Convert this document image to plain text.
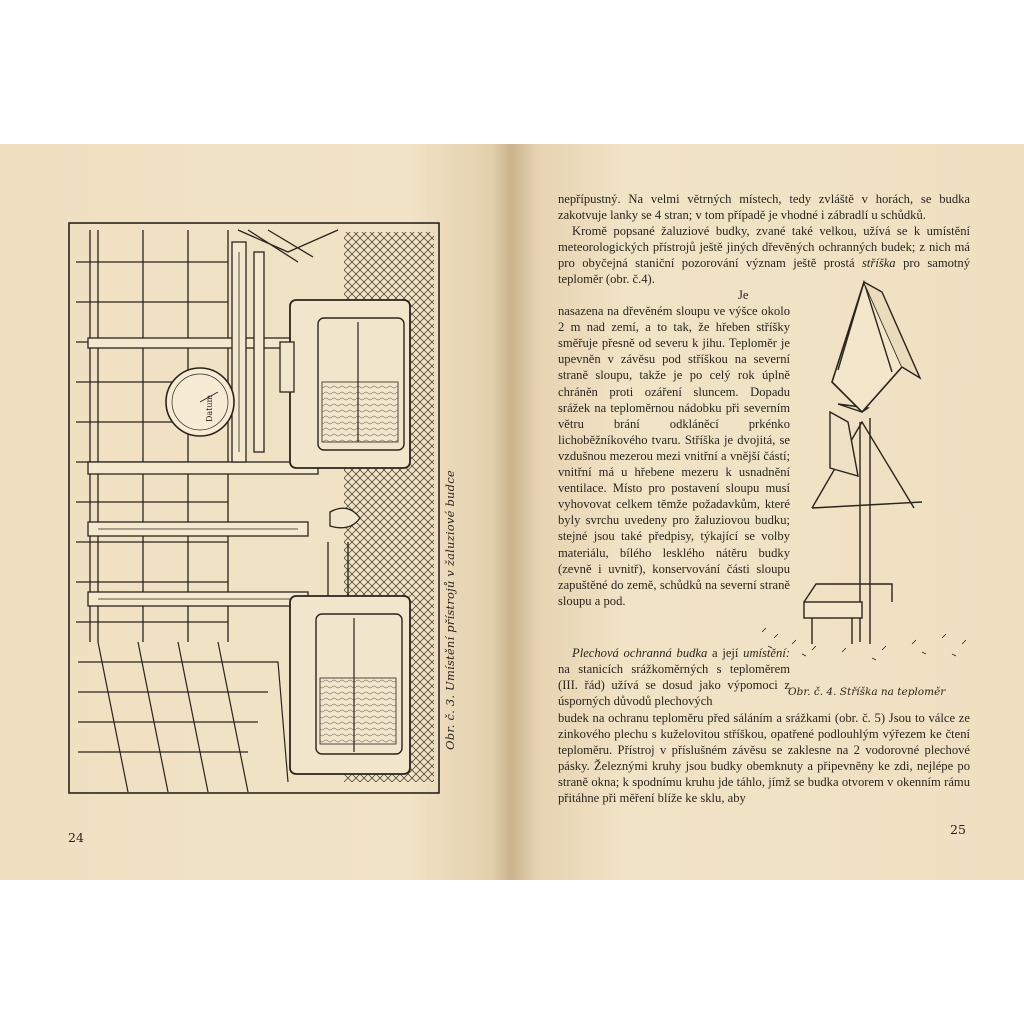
Datum
Obr. č. 3. Umístění přístrojů v žaluziové budce
24

nepřípustný. Na velmi větrných místech, tedy zvláště v horách, se budka zakotvuje lanky se 4 stran; v tom případě je vhodné i zábradlí u schůdků.

Kromě popsané žaluziové budky, zvané také velkou, užívá se k umístění meteorologických přístrojů ještě jiných dřevěných ochranných budek; z nich má pro obyčejná staniční pozorování význam ještě prostá stříška pro samotný teploměr (obr. č.4).

Je nasazena na dřevěném sloupu ve výšce okolo 2 m nad zemí, a to tak, že hřeben stříšky směřuje přesně od severu k jihu. Teploměr je upevněn v závěsu pod stříškou na severní straně sloupu, takže je po celý rok úplně chráněn proti ozáření sluncem. Dopadu srážek na teploměrnou nádobku při severním větru brání odkláněcí prkénko lichoběžníkového tvaru. Stříška je dvojitá, se vzdušnou mezerou mezi vnitřní a vnější částí; vnitřní má u hřebene mezeru k usnadnění ventilace. Místo pro postavení sloupu musí vyhovovat celkem těmže požadavkům, které byly svrchu uvedeny pro žaluziovou budku; stejné jsou také předpisy, týkající se volby materiálu, bílého lesklého nátěru budky (zevně i uvnitř), konservování části sloupu zapuštěné do země, schůdků na severní straně sloupu a pod.

Plechová ochranná budka a její umístění: na stanicích srážkoměrných s teploměrem (III. řád) užívá se dosud jako výpomoci z úsporných důvodů plechových

budek na ochranu teploměru před sáláním a srážkami (obr. č. 5) Jsou to válce ze zinkového plechu s kuželovitou stříškou, opatřené podlouhlým výřezem ke čtení teploměru. Přístroj v příslušném závěsu se zaklesne na 2 vodorovné plechové pásky. Železnými kruhy jsou budky obemknuty a připevněny ke zdi, nejlépe po straně okna; k spodnímu kruhu jde táhlo, jímž se budka otvorem v okenním rámu přitáhne při měření blíže ke sklu, aby

Obr. č. 4. Stříška na teploměr
25
